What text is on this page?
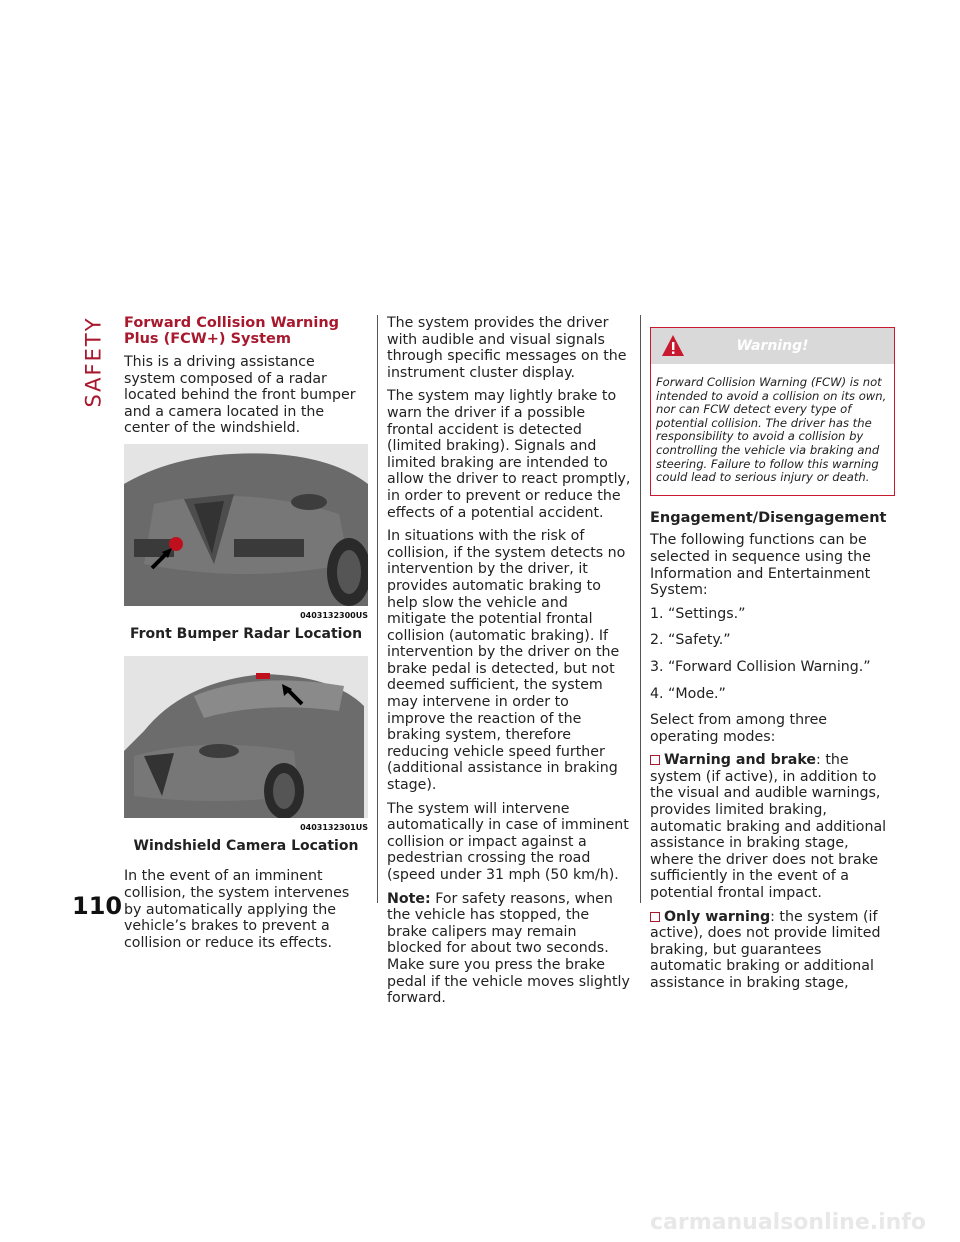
SAFETY Forward Collision Warning Plus (FCW+) System

This is a driving assistance system composed of a radar located behind the front bumper and a camera located in the center of the windshield.

0403132300US
Front Bumper Radar Location
0403132301US
Windshield Camera Location

In the event of an imminent collision, the system intervenes by automatically applying the vehicle’s brakes to prevent a collision or reduce its effects.

The system provides the driver with audible and visual signals through specific messages on the instrument cluster display.

The system may lightly brake to warn the driver if a possible frontal accident is detected (limited braking). Signals and limited braking are intended to allow the driver to react promptly, in order to prevent or reduce the effects of a potential accident.

In situations with the risk of collision, if the system detects no intervention by the driver, it provides automatic braking to help slow the vehicle and mitigate the potential frontal collision (automatic braking). If intervention by the driver on the brake pedal is detected, but not deemed sufficient, the system may intervene in order to improve the reaction of the braking system, therefore reducing vehicle speed further (additional assistance in braking stage).

The system will intervene automatically in case of imminent collision or impact against a pedestrian crossing the road (speed under 31 mph (50 km/h).

Note: For safety reasons, when the vehicle has stopped, the brake calipers may remain blocked for about two seconds. Make sure you press the brake pedal if the vehicle moves slightly forward.

Warning!
Forward Collision Warning (FCW) is not intended to avoid a collision on its own, nor can FCW detect every type of potential collision. The driver has the responsibility to avoid a collision by controlling the vehicle via braking and steering. Failure to follow this warning could lead to serious injury or death.
Engagement/Disengagement

The following functions can be selected in sequence using the Information and Entertainment System:

1. “Settings.”

2. “Safety.”

3. “Forward Collision Warning.”

4. “Mode.”

Select from among three operating modes:

Warning and brake: the system (if active), in addition to the visual and audible warnings, provides limited braking, automatic braking and additional assistance in braking stage, where the driver does not brake sufficiently in the event of a potential frontal impact.

Only warning: the system (if active), does not provide limited braking, but guarantees automatic braking or additional assistance in braking stage,

110
carmanualsonline.info
